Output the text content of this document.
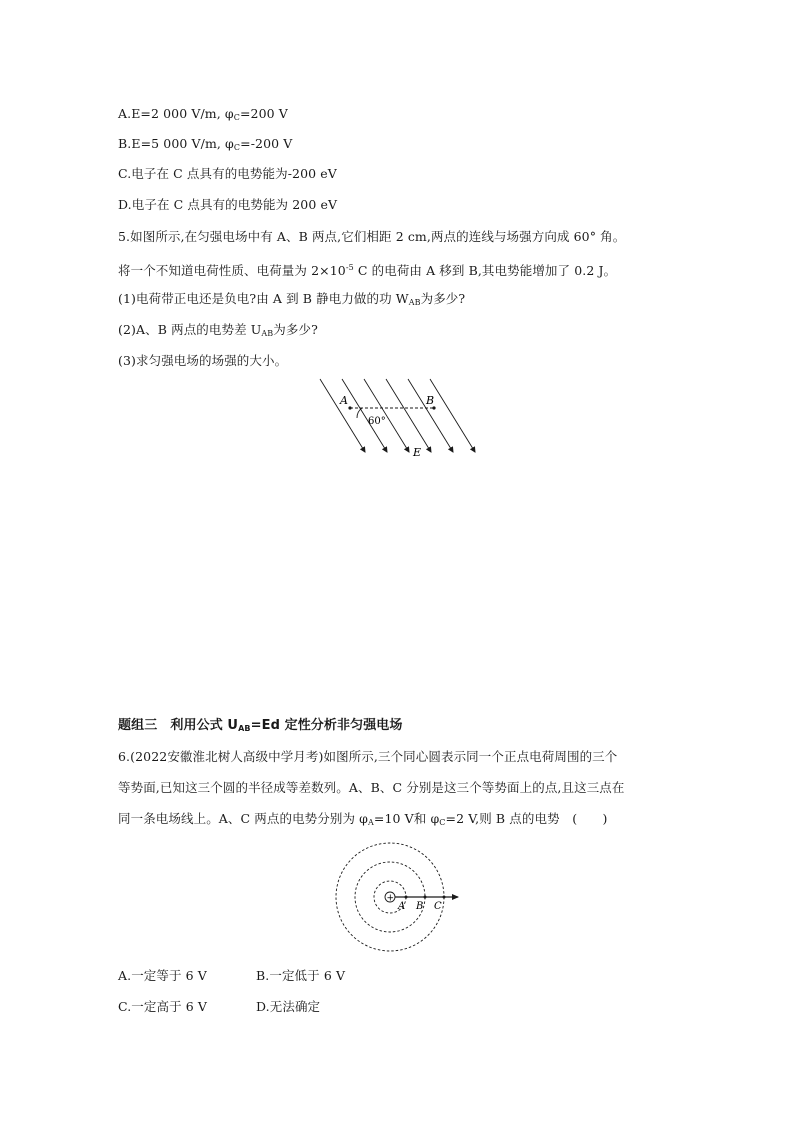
A.E=2 000 V/m, $\varphi_C=200$ V
B.E=5 000 V/m, $\varphi_C=-200$ V
C.电子在 C 点具有的电势能为-200 eV
D.电子在 C 点具有的电势能为 200 eV
5.如图所示,在匀强电场中有 A、B 两点,它们相距 2 cm,两点的连线与场强方向成 60° 角。
将一个不知道电荷性质、电荷量为 $2\times 10^{-5}$ C 的电荷由 A 移到 B,其电势能增加了 0.2 J。
(1)电荷带正电还是负电?由 A 到 B 静电力做的功 $W_{AB}$为多少?
(2)A、B 两点的电势差 $U_{AB}$为多少?
(3)求匀强电场的场强的大小。
A	B
60°
E
题组三　利用公式 $U_{AB}=Ed$ 定性分析非匀强电场
6.(2022安徽淮北树人高级中学月考)如图所示,三个同心圆表示同一个正点电荷周围的三个
等势面,已知这三个圆的半径成等差数列。A、B、C 分别是这三个等势面上的点,且这三点在
同一条电场线上。A、C 两点的电势分别为 $\varphi_A=10$ V和 $\varphi_C=2$ V,则 B 点的电势　(　　)
+
A B C
A.一定等于 6 V	B.一定低于 6 V
C.一定高于 6 V	D.无法确定
